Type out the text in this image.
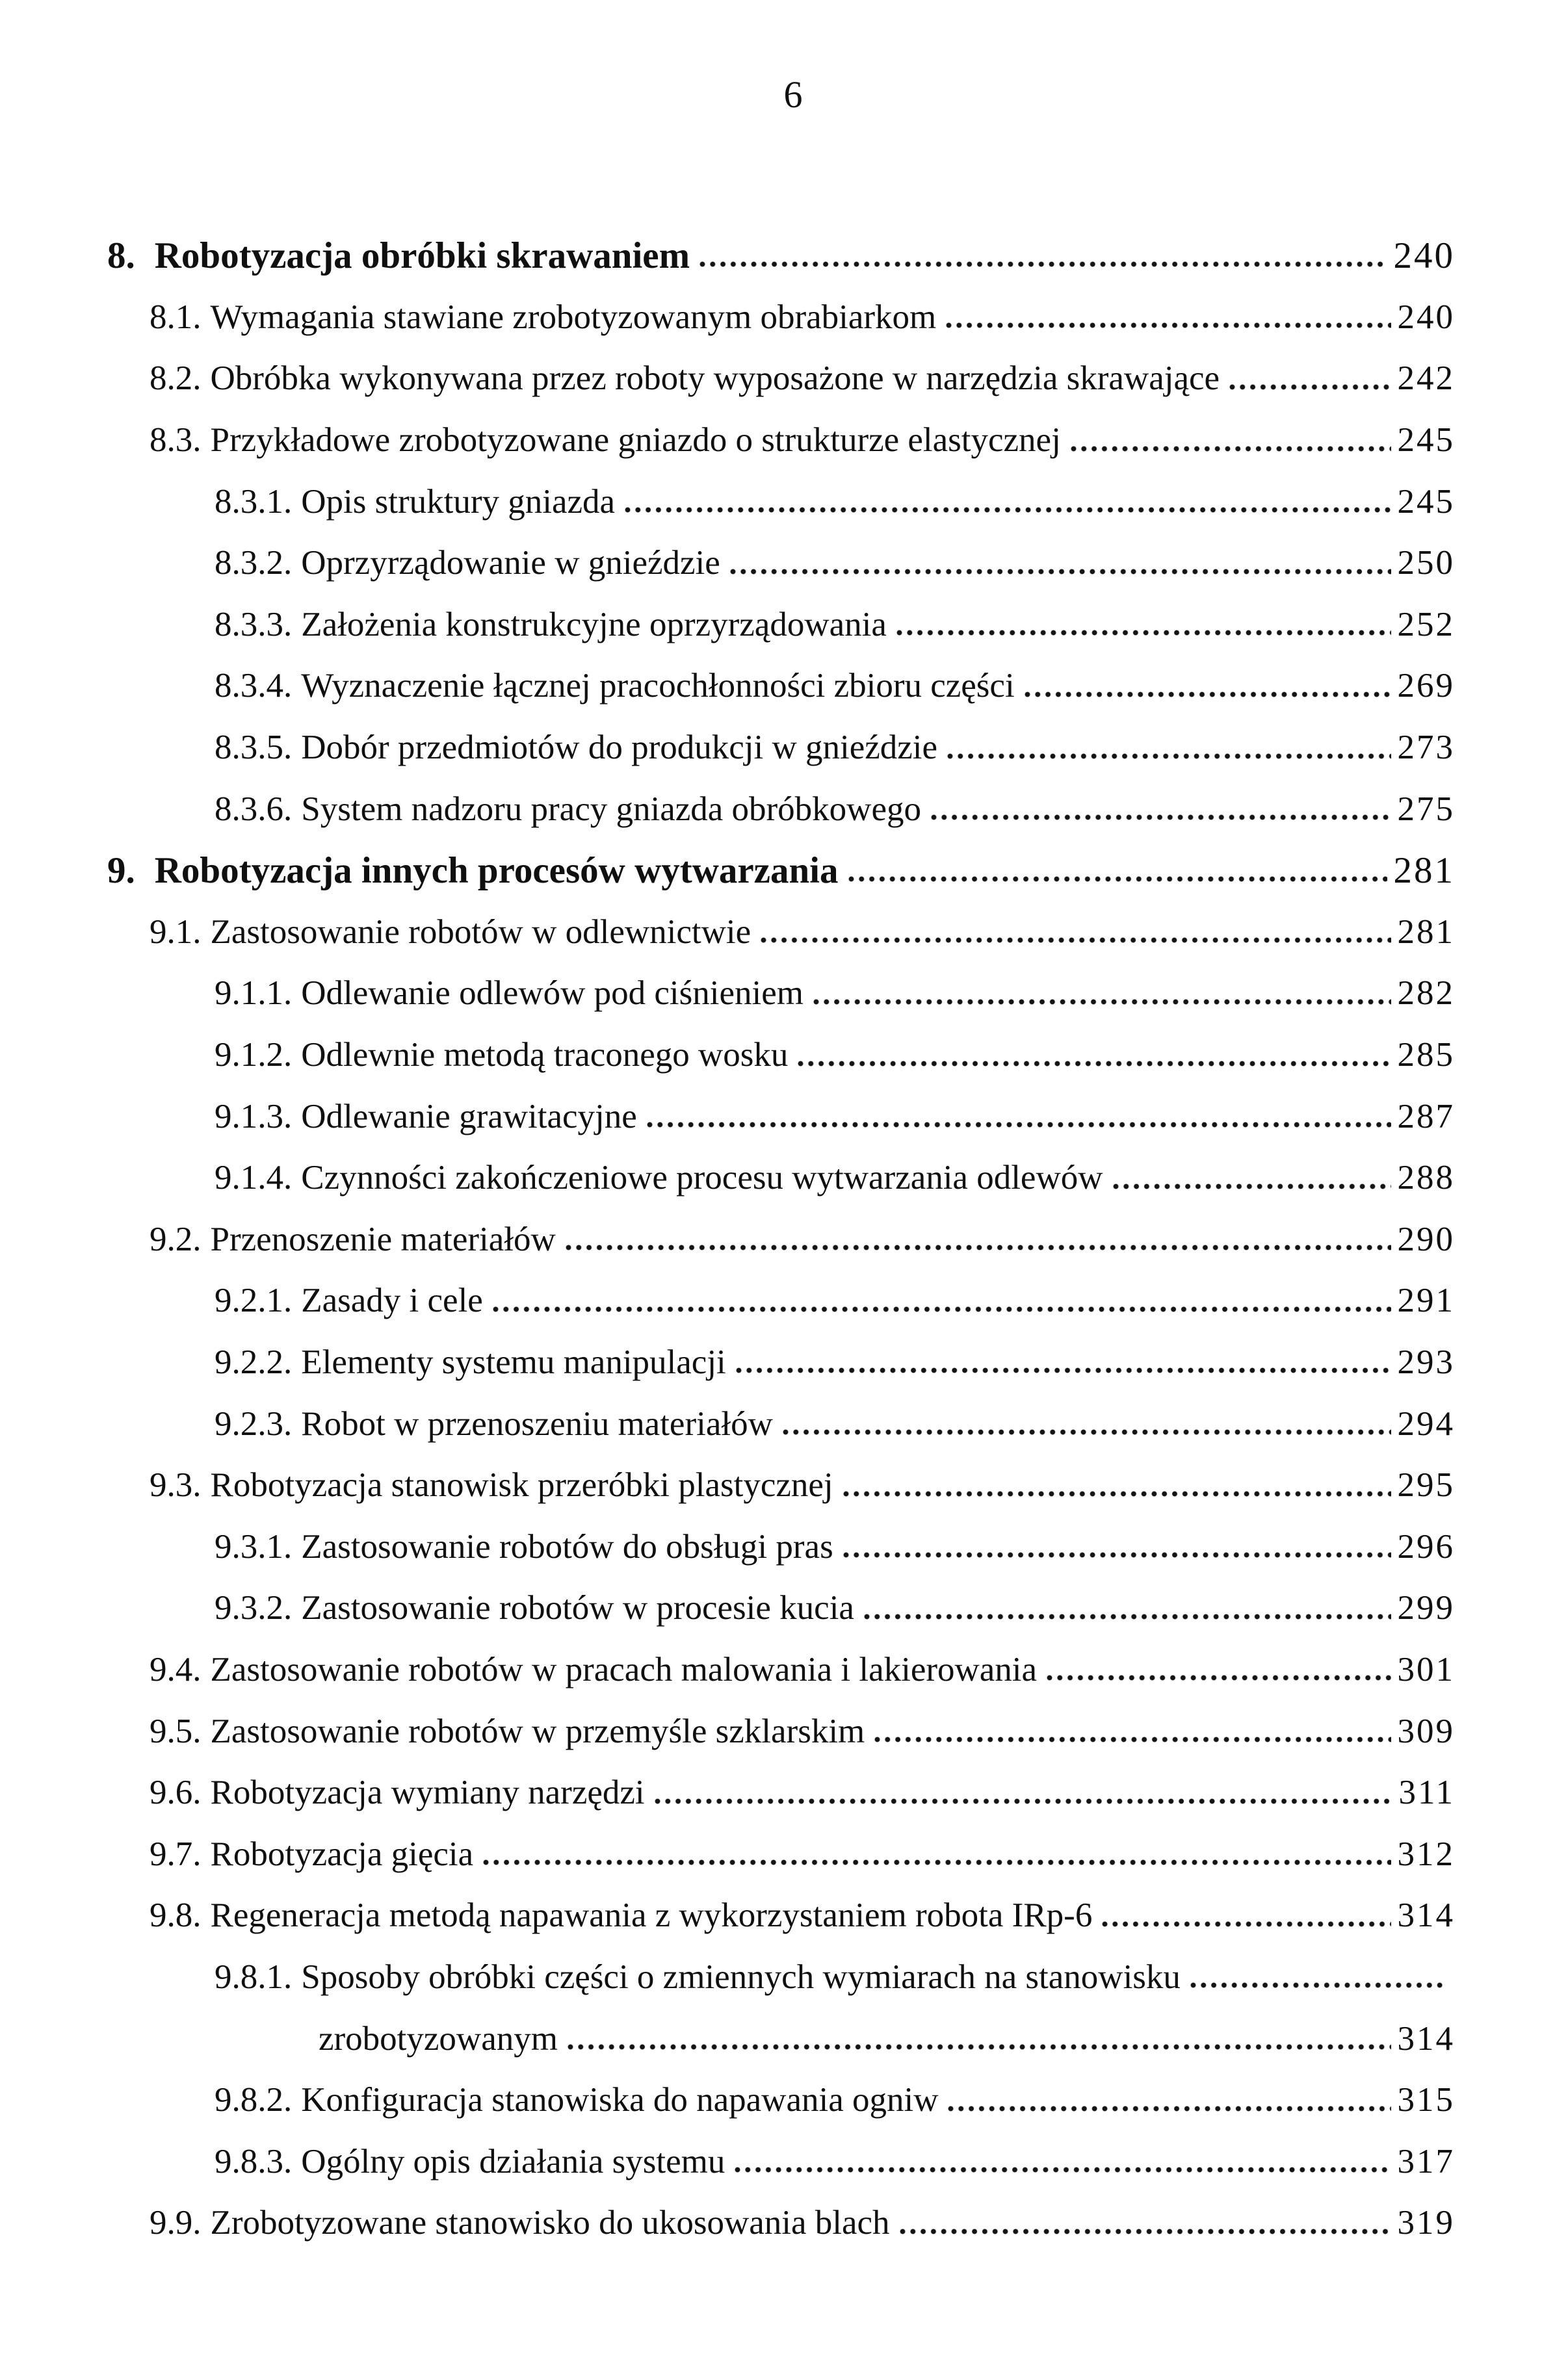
6
8. Robotyzacja obróbki skrawaniem	240
8.1. Wymagania stawiane zrobotyzowanym obrabiarkom	240
8.2. Obróbka wykonywana przez roboty wyposażone w narzędzia skrawające	242
8.3. Przykładowe zrobotyzowane gniazdo o strukturze elastycznej	245
8.3.1. Opis struktury gniazda	245
8.3.2. Oprzyrządowanie w gnieździe	250
8.3.3. Założenia konstrukcyjne oprzyrządowania	252
8.3.4. Wyznaczenie łącznej pracochłonności zbioru części	269
8.3.5. Dobór przedmiotów do produkcji w gnieździe	273
8.3.6. System nadzoru pracy gniazda obróbkowego	275
9. Robotyzacja innych procesów wytwarzania	281
9.1. Zastosowanie robotów w odlewnictwie	281
9.1.1. Odlewanie odlewów pod ciśnieniem	282
9.1.2. Odlewnie metodą traconego wosku	285
9.1.3. Odlewanie grawitacyjne	287
9.1.4. Czynności zakończeniowe procesu wytwarzania odlewów	288
9.2. Przenoszenie materiałów	290
9.2.1. Zasady i cele	291
9.2.2. Elementy systemu manipulacji	293
9.2.3. Robot w przenoszeniu materiałów	294
9.3. Robotyzacja stanowisk przeróbki plastycznej	295
9.3.1. Zastosowanie robotów do obsługi pras	296
9.3.2. Zastosowanie robotów w procesie kucia	299
9.4. Zastosowanie robotów w pracach malowania i lakierowania	301
9.5. Zastosowanie robotów w przemyśle szklarskim	309
9.6. Robotyzacja wymiany narzędzi	311
9.7. Robotyzacja gięcia	312
9.8. Regeneracja metodą napawania z wykorzystaniem robota IRp-6	314
9.8.1. Sposoby obróbki części o zmiennych wymiarach na stanowisku
zrobotyzowanym	314
9.8.2. Konfiguracja stanowiska do napawania ogniw	315
9.8.3. Ogólny opis działania systemu	317
9.9. Zrobotyzowane stanowisko do ukosowania blach	319
